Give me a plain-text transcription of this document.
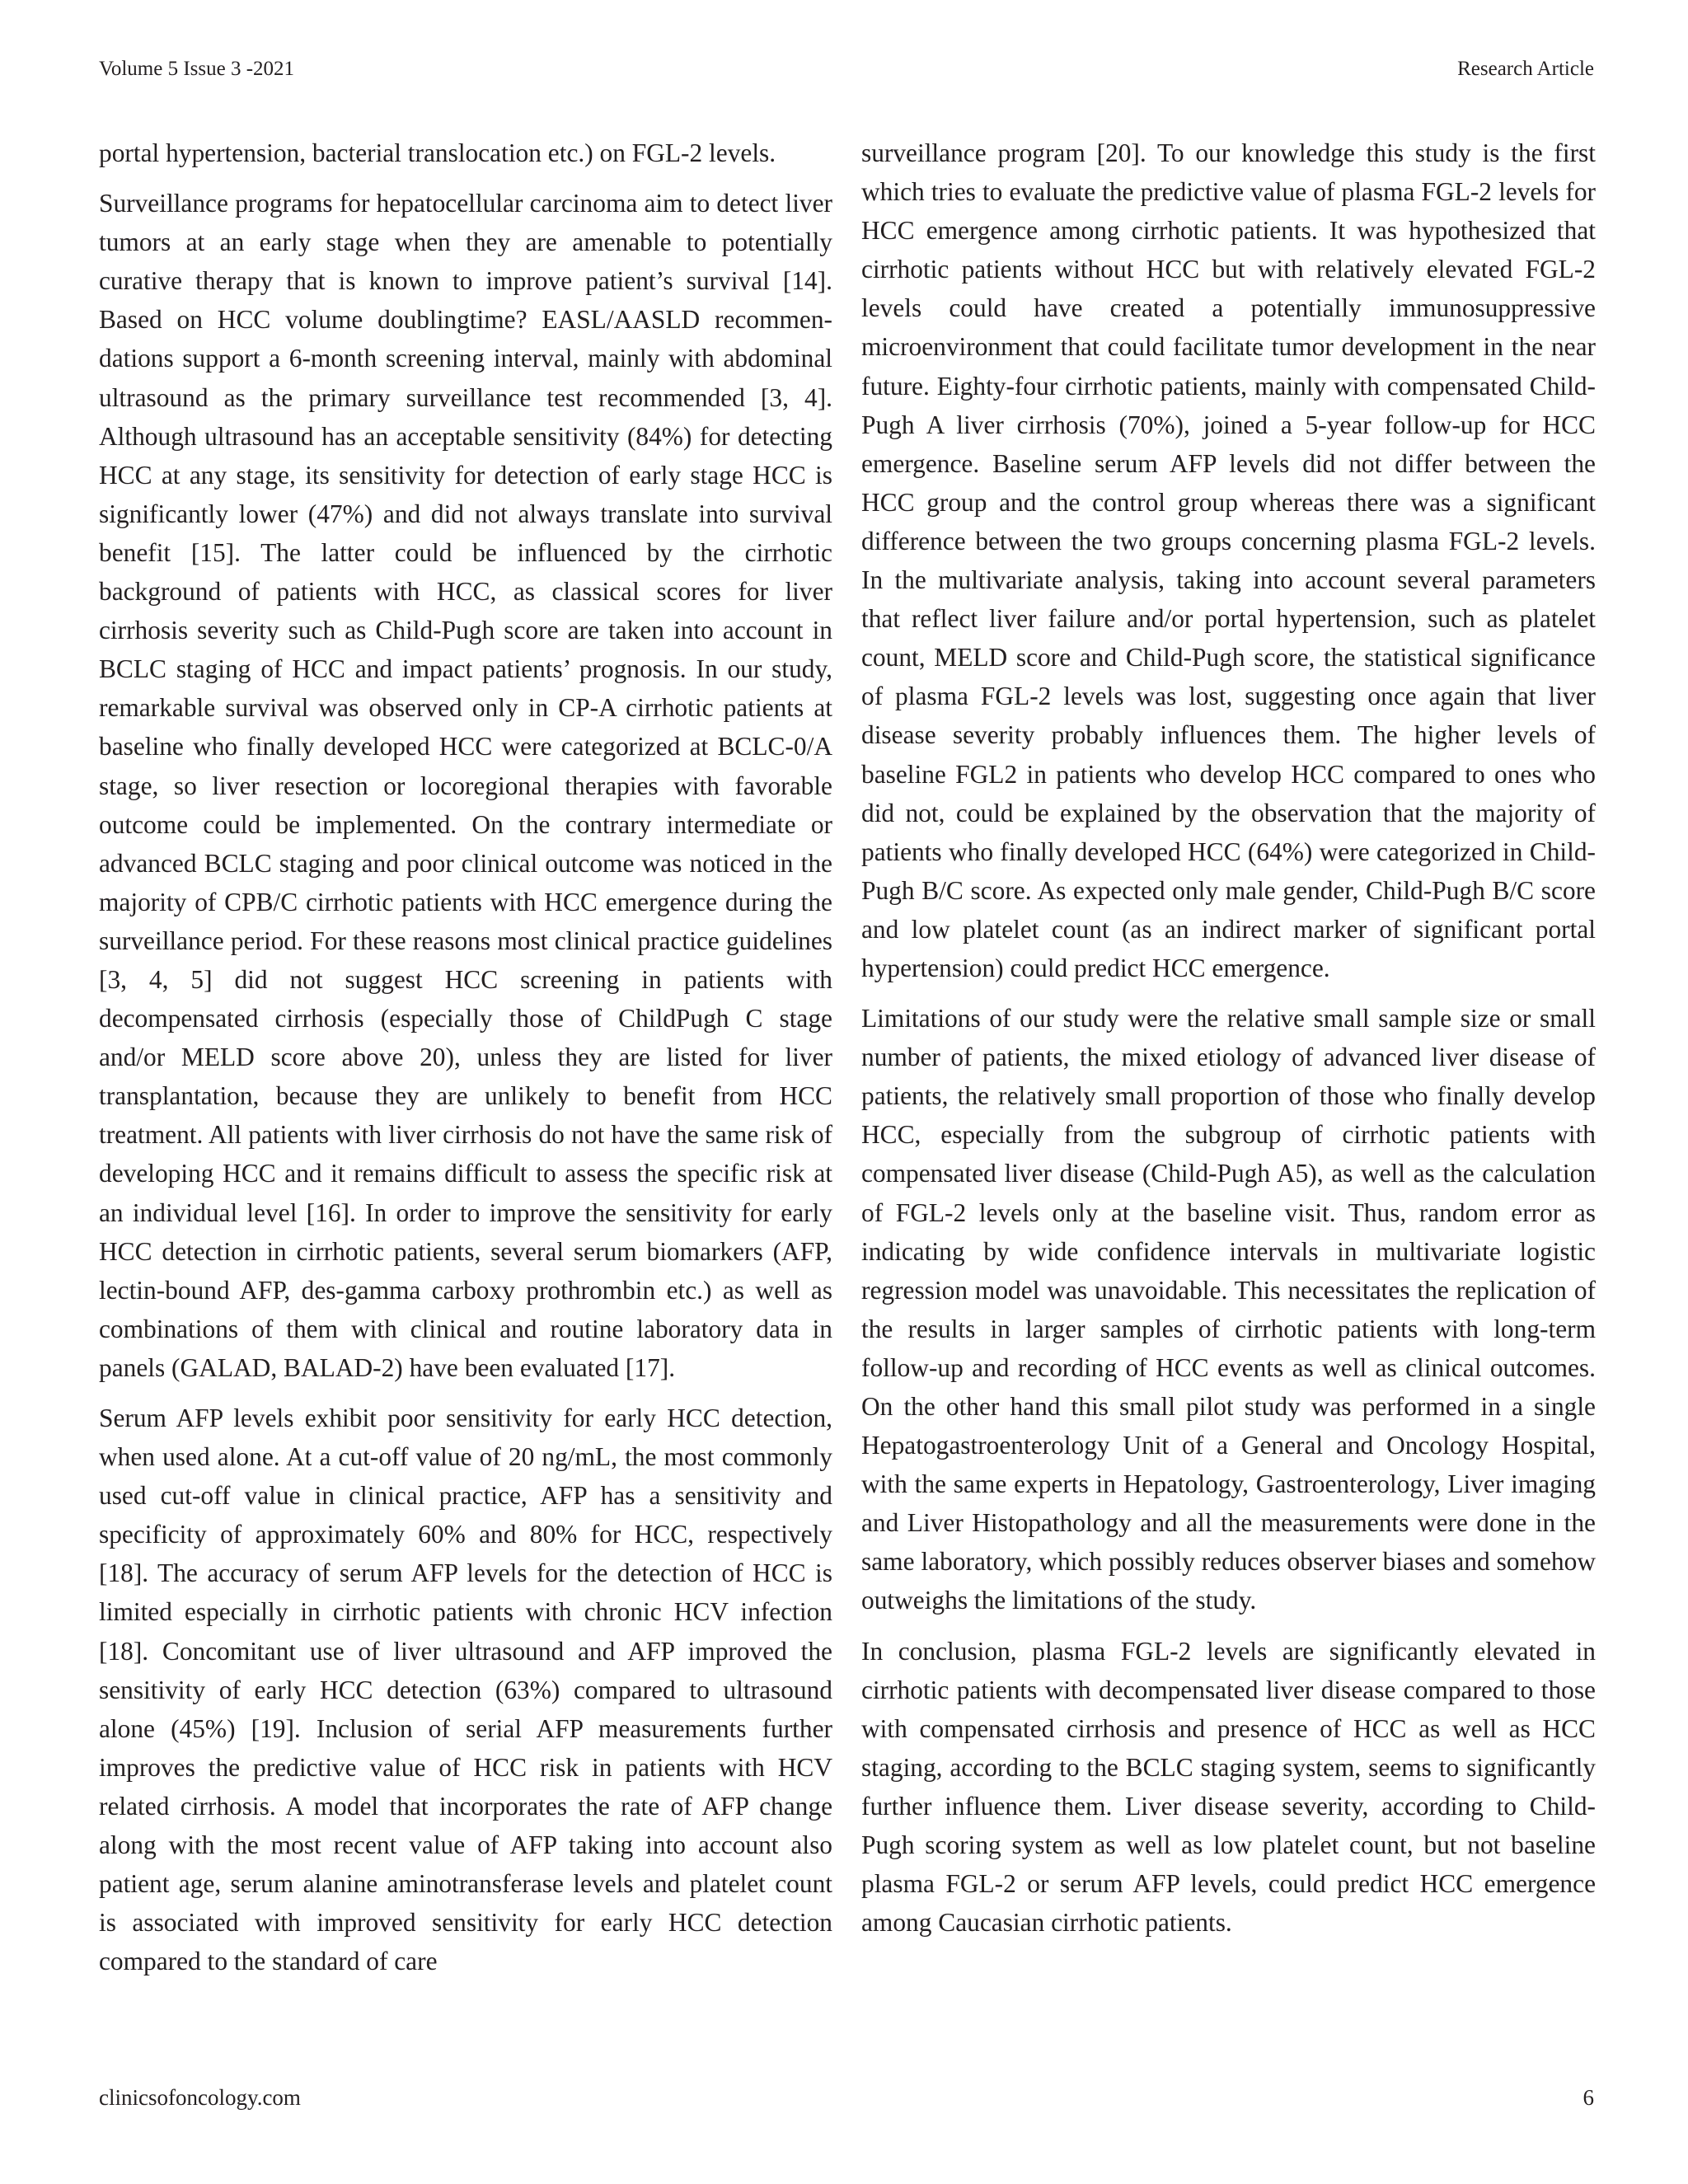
Volume 5 Issue 3 -2021	Research Article

portal hypertension, bacterial translocation etc.) on FGL-2 levels.

Surveillance programs for hepatocellular carcinoma aim to detect liver tumors at an early stage when they are amenable to potentially curative therapy that is known to improve patient’s survival [14]. Based on HCC volume doublingtime? EASL/AASLD recommendations support a 6-month screening interval, mainly with abdominal ultrasound as the primary surveillance test recommended [3, 4]. Although ultrasound has an acceptable sensitivity (84%) for detecting HCC at any stage, its sensitivity for detection of early stage HCC is significantly lower (47%) and did not always translate into survival benefit [15]. The latter could be influenced by the cirrhotic background of patients with HCC, as classical scores for liver cirrhosis severity such as Child-Pugh score are taken into account in BCLC staging of HCC and impact patients’ prognosis. In our study, remarkable survival was observed only in CP-A cirrhotic patients at baseline who finally developed HCC were categorized at BCLC-0/A stage, so liver resection or locoregional therapies with favorable outcome could be implemented. On the contrary intermediate or advanced BCLC staging and poor clinical outcome was noticed in the majority of CPB/C cirrhotic patients with HCC emergence during the surveillance period. For these reasons most clinical practice guidelines [3, 4, 5] did not suggest HCC screening in patients with decompensated cirrhosis (especially those of ChildPugh C stage and/or MELD score above 20), unless they are listed for liver transplantation, because they are unlikely to benefit from HCC treatment. All patients with liver cirrhosis do not have the same risk of developing HCC and it remains difficult to assess the specific risk at an individual level [16]. In order to improve the sensitivity for early HCC detection in cirrhotic patients, several serum biomarkers (AFP, lectin-bound AFP, des-gamma carboxy prothrombin etc.) as well as combinations of them with clinical and routine laboratory data in panels (GALAD, BALAD-2) have been evaluated [17].

Serum AFP levels exhibit poor sensitivity for early HCC detection, when used alone. At a cut-off value of 20 ng/mL, the most commonly used cut-off value in clinical practice, AFP has a sensitivity and specificity of approximately 60% and 80% for HCC, respectively [18]. The accuracy of serum AFP levels for the detection of HCC is limited especially in cirrhotic patients with chronic HCV infection [18]. Concomitant use of liver ultrasound and AFP improved the sensitivity of early HCC detection (63%) compared to ultrasound alone (45%) [19]. Inclusion of serial AFP measurements further improves the predictive value of HCC risk in patients with HCV related cirrhosis. A model that incorporates the rate of AFP change along with the most recent value of AFP taking into account also patient age, serum alanine aminotransferase levels and platelet count is associated with improved sensitivity for early HCC detection compared to the standard of care

surveillance program [20]. To our knowledge this study is the first which tries to evaluate the predictive value of plasma FGL-2 levels for HCC emergence among cirrhotic patients. It was hypothesized that cirrhotic patients without HCC but with relatively elevated FGL-2 levels could have created a potentially immunosuppressive microenvironment that could facilitate tumor development in the near future. Eighty-four cirrhotic patients, mainly with compensated Child-Pugh A liver cirrhosis (70%), joined a 5-year follow-up for HCC emergence. Baseline serum AFP levels did not differ between the HCC group and the control group whereas there was a significant difference between the two groups concerning plasma FGL-2 levels. In the multivariate analysis, taking into account several parameters that reflect liver failure and/or portal hypertension, such as platelet count, MELD score and Child-Pugh score, the statistical significance of plasma FGL-2 levels was lost, suggesting once again that liver disease severity probably influences them. The higher levels of baseline FGL2 in patients who develop HCC compared to ones who did not, could be explained by the observation that the majority of patients who finally developed HCC (64%) were categorized in Child-Pugh B/C score. As expected only male gender, Child-Pugh B/C score and low platelet count (as an indirect marker of significant portal hypertension) could predict HCC emergence.

Limitations of our study were the relative small sample size or small number of patients, the mixed etiology of advanced liver disease of patients, the relatively small proportion of those who finally develop HCC, especially from the subgroup of cirrhotic patients with compensated liver disease (Child-Pugh A5), as well as the calculation of FGL-2 levels only at the baseline visit. Thus, random error as indicating by wide confidence intervals in multivariate logistic regression model was unavoidable. This necessitates the replication of the results in larger samples of cirrhotic patients with long-term follow-up and recording of HCC events as well as clinical outcomes. On the other hand this small pilot study was performed in a single Hepatogastroenterology Unit of a General and Oncology Hospital, with the same experts in Hepatology, Gastroenterology, Liver imaging and Liver Histopathology and all the measurements were done in the same laboratory, which possibly reduces observer biases and somehow outweighs the limitations of the study.

In conclusion, plasma FGL-2 levels are significantly elevated in cirrhotic patients with decompensated liver disease compared to those with compensated cirrhosis and presence of HCC as well as HCC staging, according to the BCLC staging system, seems to significantly further influence them. Liver disease severity, according to Child-Pugh scoring system as well as low platelet count, but not baseline plasma FGL-2 or serum AFP levels, could predict HCC emergence among Caucasian cirrhotic patients.

clinicsofoncology.com	6
